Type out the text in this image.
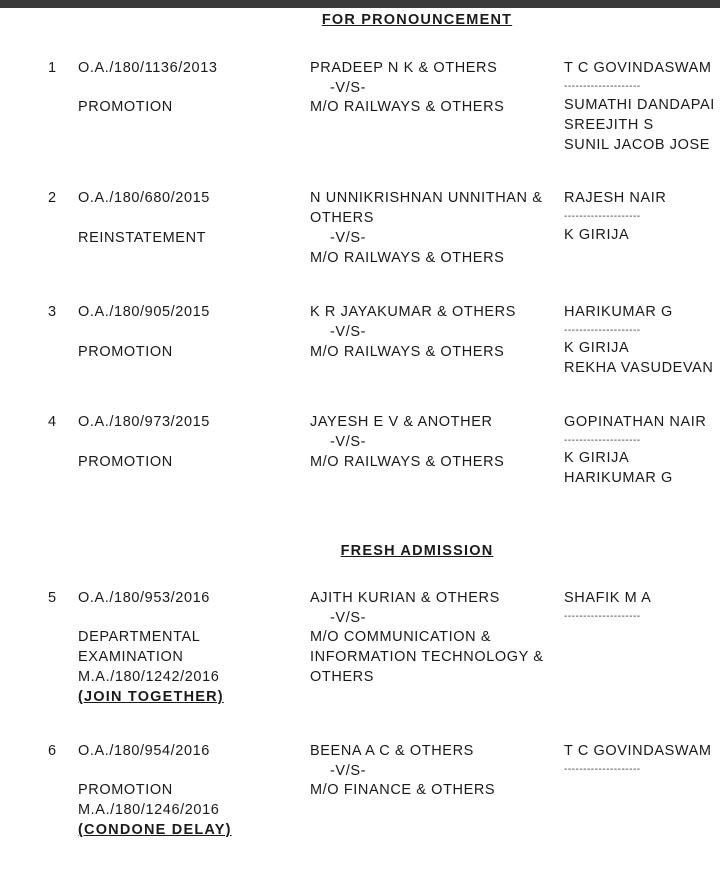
FOR PRONOUNCEMENT
1 O.A./180/1136/2013
PROMOTION
PRADEEP N K & OTHERS
-V/S-
M/O RAILWAYS & OTHERS
T C GOVINDASWAM
--------------------
SUMATHI DANDAPAI
SREEJITH S
SUNIL JACOB JOSE
2 O.A./180/680/2015
REINSTATEMENT
N UNNIKRISHNAN UNNITHAN &
OTHERS
-V/S-
M/O RAILWAYS & OTHERS
RAJESH NAIR
--------------------
K GIRIJA
3 O.A./180/905/2015
PROMOTION
K R JAYAKUMAR & OTHERS
-V/S-
M/O RAILWAYS & OTHERS
HARIKUMAR G
--------------------
K GIRIJA
REKHA VASUDEVAN
4 O.A./180/973/2015
PROMOTION
JAYESH E V & ANOTHER
-V/S-
M/O RAILWAYS & OTHERS
GOPINATHAN NAIR
--------------------
K GIRIJA
HARIKUMAR G
FRESH ADMISSION
5 O.A./180/953/2016
DEPARTMENTAL
EXAMINATION
M.A./180/1242/2016
(JOIN TOGETHER)
AJITH KURIAN & OTHERS
-V/S-
M/O COMMUNICATION &
INFORMATION TECHNOLOGY &
OTHERS
SHAFIK M A
--------------------
6 O.A./180/954/2016
PROMOTION
M.A./180/1246/2016
(CONDONE DELAY)
BEENA A C & OTHERS
-V/S-
M/O FINANCE & OTHERS
T C GOVINDASWAM
--------------------
